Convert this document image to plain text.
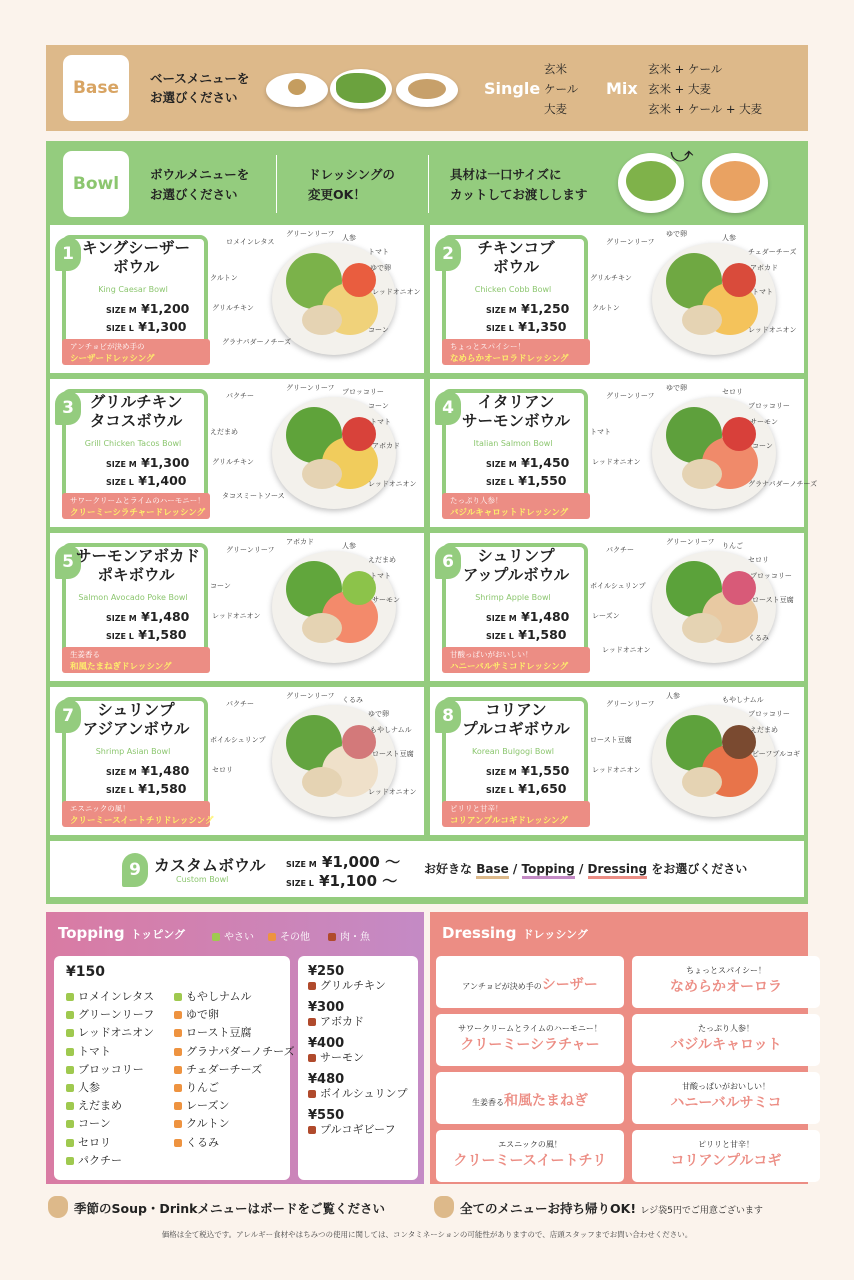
Base	ベースメニューを
お選びください	Single
玄米
ケール
大麦
Mix
玄米 + ケール
玄米 + 大麦
玄米 + ケール + 大麦
Bowl	ボウルメニューを
お選びください
ドレッシングの
変更OK！
具材は一口サイズに
カットしてお渡しします
⤻
1 キングシーザー
ボウル
King Caesar Bowl
SIZE M ¥1,200
SIZE L ¥1,300
アンチョビが決め手の
シーザードレッシング
ロメインレタス
グリーンリーフ 人参
トマト
ゆで卵
クルトン
レッドオニオン
グリルチキン
コーン
グラナパダーノチーズ
2	チキンコブ
ボウル
Chicken Cobb Bowl
SIZE M ¥1,250
SIZE L ¥1,350
ちょっとスパイシー！
なめらかオーロラドレッシング
グリーンリーフ
ゆで卵	人参
チェダーチーズ
アボカド
グリルチキン
トマト
クルトン
レッドオニオン
3	グリルチキン
タコスボウル
Grill Chicken Tacos Bowl
SIZE M ¥1,300
SIZE L ¥1,400
サワークリームとライムのハーモニー！
クリーミーシラチャードレッシング
パクチー
グリーンリーフ ブロッコリー
コーン
トマト
えだまめ
アボカド
グリルチキン
レッドオニオン
タコスミートソース
4	イタリアン
サーモンボウル
Italian Salmon Bowl
SIZE M ¥1,450
SIZE L ¥1,550
たっぷり人参！
バジルキャロットドレッシング
グリーンリーフ
ゆで卵	セロリ
ブロッコリー
サーモン
トマト
コーン
レッドオニオン
グラナパダーノチーズ
5 サーモンアボカド
ポキボウル
Salmon Avocado Poke Bowl
SIZE M ¥1,480
SIZE L ¥1,580
生姜香る
和風たまねぎドレッシング
グリーンリーフ
アボカド	人参
えだまめ
トマト
コーン
サーモン
レッドオニオン
6	シュリンプ
アップルボウル
Shrimp Apple Bowl
SIZE M ¥1,480
SIZE L ¥1,580
甘酸っぱいがおいしい！
ハニーバルサミコドレッシング
パクチー
グリーンリーフ りんご
セロリ
ブロッコリー
ボイルシュリンプ
ロースト豆腐
レーズン
くるみ
レッドオニオン
7	シュリンプ
アジアンボウル
Shrimp Asian Bowl
SIZE M ¥1,480
SIZE L ¥1,580
エスニックの風！
クリーミースイートチリドレッシング
パクチー
グリーンリーフ くるみ
ゆで卵
もやしナムル
ボイルシュリンプ
ロースト豆腐
セロリ
レッドオニオン
8	コリアン
プルコギボウル
Korean Bulgogi Bowl
SIZE M ¥1,550
SIZE L ¥1,650
ピリリと甘辛！
コリアンプルコギドレッシング
グリーンリーフ
人参	もやしナムル
ブロッコリー
えだまめ
ロースト豆腐
ビーフプルコギ
レッドオニオン
9 カスタムボウル
Custom Bowl
SIZE M ¥1,000 〜
SIZE L ¥1,100 〜
お好きな Base / Topping / Dressing をお選びください
Topping トッピング	やさい	その他	肉・魚
¥150
ロメインレタス
グリーンリーフ
レッドオニオン
トマト
ブロッコリー
人参
えだまめ
コーン
セロリ
パクチー
もやしナムル
ゆで卵
ロースト豆腐
グラナパダーノチーズ
チェダーチーズ
りんご
レーズン
クルトン
くるみ
¥250
グリルチキン
¥300
アボカド
¥400
サーモン
¥480
ボイルシュリンプ
¥550
プルコギビーフ
Dressing ドレッシング
アンチョビが決め手のシーザー
ちょっとスパイシー！
なめらかオーロラ
サワークリームとライムのハーモニー！
クリーミーシラチャー
たっぷり人参！
バジルキャロット
生姜香る和風たまねぎ
甘酸っぱいがおいしい！
ハニーバルサミコ
エスニックの風！
クリーミースイートチリ
ピリリと甘辛！
コリアンプルコギ
季節のSoup・Drinkメニューはボードをご覧ください	全てのメニューお持ち帰りOK! レジ袋5円でご用意ございます
価格は全て税込です。アレルギー食材やはちみつの使用に関しては、コンタミネーションの可能性がありますので、店頭スタッフまでお問い合わせください。
